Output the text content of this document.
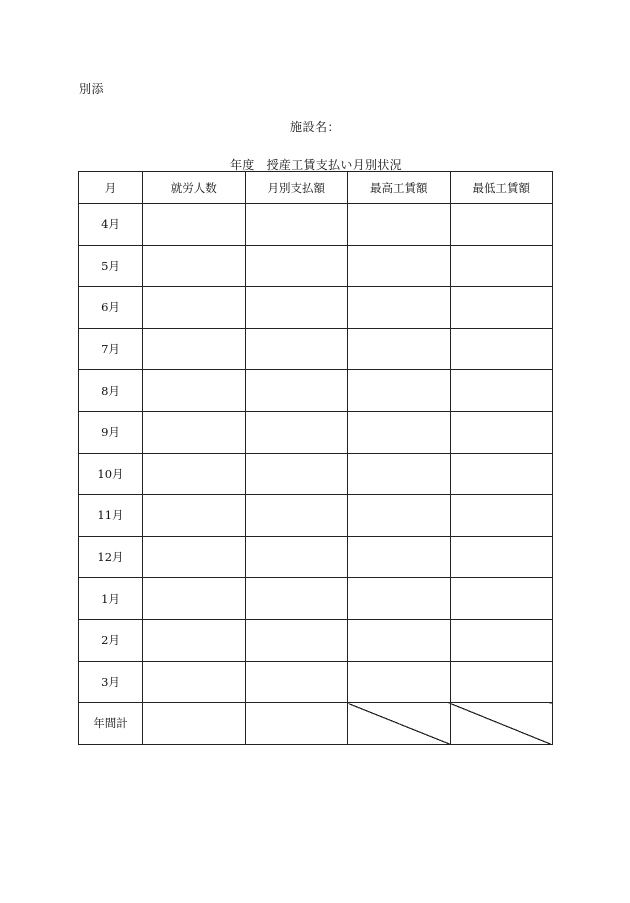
別添
施設名：
年度 授産工賃支払い月別状況
月	就労人数	月別支払額	最高工賃額	最低工賃額
4月				
5月				
6月				
7月				
8月				
9月				
10月				
11月				
12月				
1月				
2月				
3月				
年間計				
